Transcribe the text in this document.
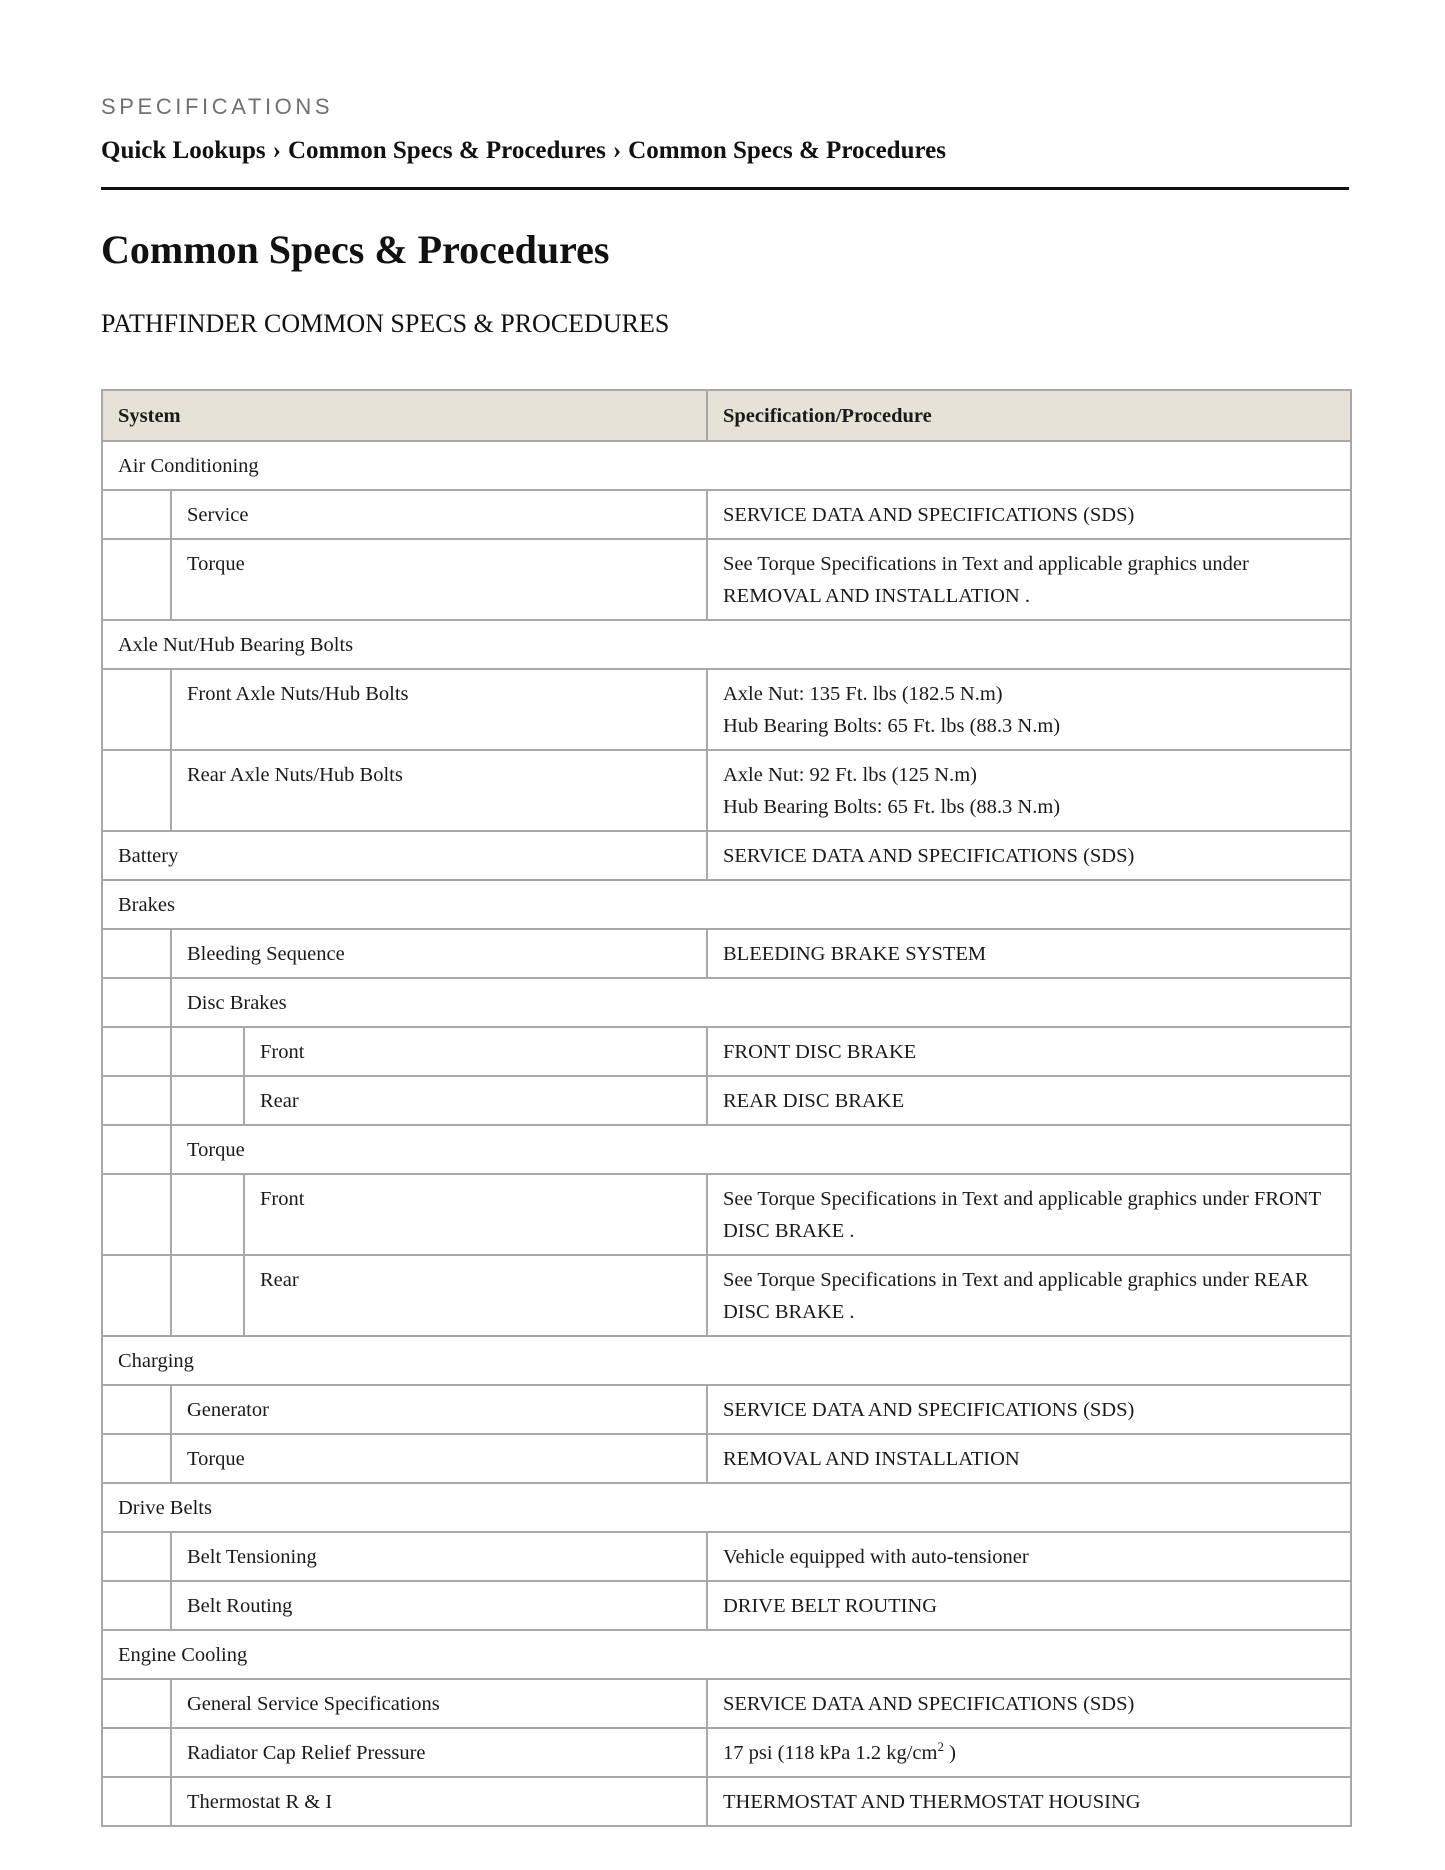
SPECIFICATIONS
Quick Lookups › Common Specs & Procedures › Common Specs & Procedures
Common Specs & Procedures
PATHFINDER COMMON SPECS & PROCEDURES
System			Specification/Procedure
Air Conditioning			
	Service		SERVICE DATA AND SPECIFICATIONS (SDS)
	Torque		See Torque Specifications in Text and applicable graphics under REMOVAL AND INSTALLATION .
Axle Nut/Hub Bearing Bolts			
	Front Axle Nuts/Hub Bolts		Axle Nut: 135 Ft. lbs (182.5 N.m)
Hub Bearing Bolts: 65 Ft. lbs (88.3 N.m)

	Rear Axle Nuts/Hub Bolts		Axle Nut: 92 Ft. lbs (125 N.m)
Hub Bearing Bolts: 65 Ft. lbs (88.3 N.m)

Battery			SERVICE DATA AND SPECIFICATIONS (SDS)
Brakes			
	Bleeding Sequence		BLEEDING BRAKE SYSTEM
	Disc Brakes		
		Front	FRONT DISC BRAKE
		Rear	REAR DISC BRAKE
	Torque		
		Front	See Torque Specifications in Text and applicable graphics under FRONT DISC BRAKE .
		Rear	See Torque Specifications in Text and applicable graphics under REAR DISC BRAKE .
Charging			
	Generator		SERVICE DATA AND SPECIFICATIONS (SDS)
	Torque		REMOVAL AND INSTALLATION
Drive Belts			
	Belt Tensioning		Vehicle equipped with auto-tensioner
	Belt Routing		DRIVE BELT ROUTING
Engine Cooling			
	General Service Specifications		SERVICE DATA AND SPECIFICATIONS (SDS)
	Radiator Cap Relief Pressure		17 psi (118 kPa 1.2 $kg/cm^2$ )
	Thermostat R & I		THERMOSTAT AND THERMOSTAT HOUSING
